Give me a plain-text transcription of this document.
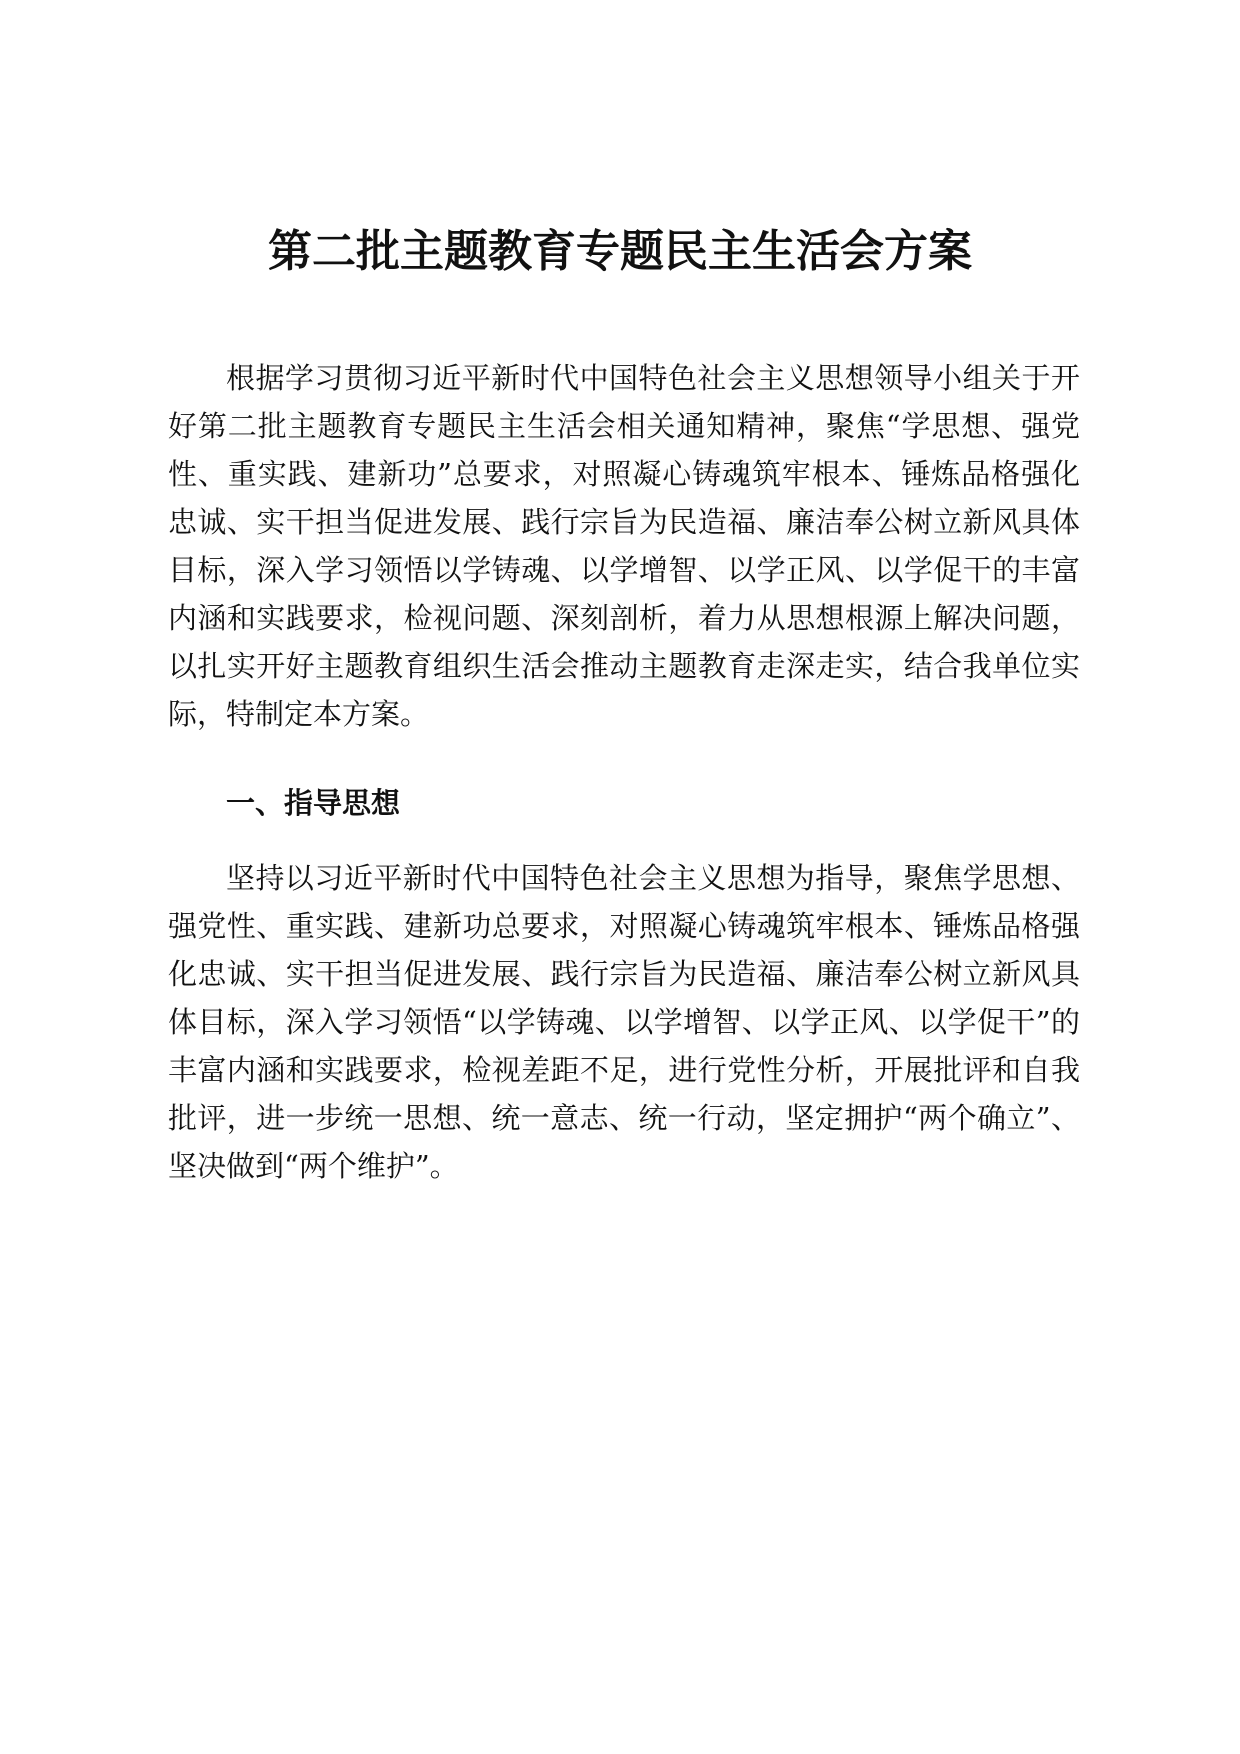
第二批主题教育专题民主生活会方案

根据学习贯彻习近平新时代中国特色社会主义思想领导小组关于开好第二批主题教育专题民主生活会相关通知精神，聚焦“学思想、强党性、重实践、建新功”总要求，对照凝心铸魂筑牢根本、锤炼品格强化忠诚、实干担当促进发展、践行宗旨为民造福、廉洁奉公树立新风具体目标，深入学习领悟以学铸魂、以学增智、以学正风、以学促干的丰富内涵和实践要求，检视问题、深刻剖析，着力从思想根源上解决问题，以扎实开好主题教育组织生活会推动主题教育走深走实，结合我单位实际，特制定本方案。

一、指导思想

坚持以习近平新时代中国特色社会主义思想为指导，聚焦学思想、强党性、重实践、建新功总要求，对照凝心铸魂筑牢根本、锤炼品格强化忠诚、实干担当促进发展、践行宗旨为民造福、廉洁奉公树立新风具体目标，深入学习领悟“以学铸魂、以学增智、以学正风、以学促干”的丰富内涵和实践要求，检视差距不足，进行党性分析，开展批评和自我批评，进一步统一思想、统一意志、统一行动，坚定拥护“两个确立”、坚决做到“两个维护”。
